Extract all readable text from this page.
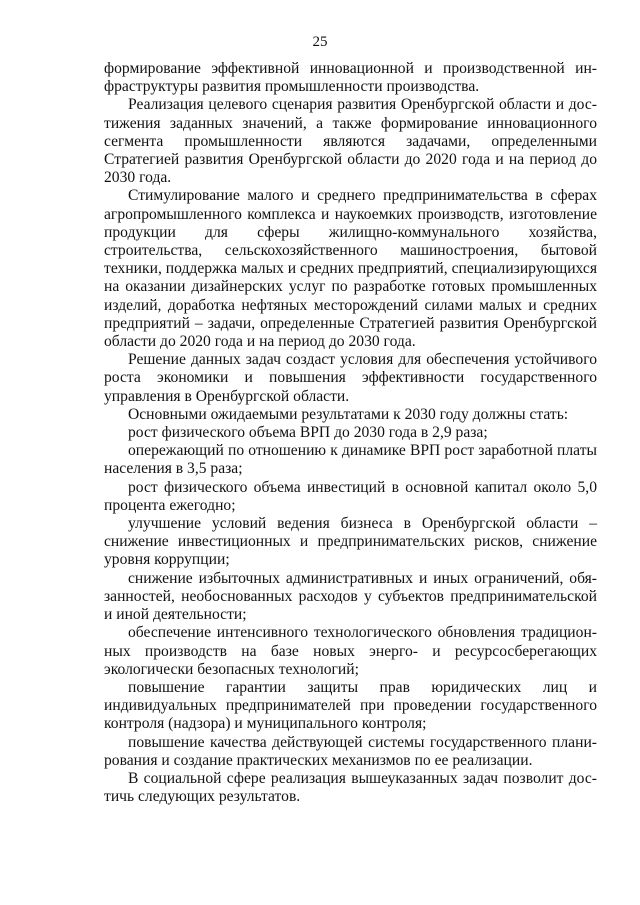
25

формирование эффективной инновационной и производственной инфраструктуры развития промышленности производства.

Реализация целевого сценария развития Оренбургской области и достижения заданных значений, а также формирование инновационного сегмента промышленности являются задачами, определенными Стратегией развития Оренбургской области до 2020 года и на период до 2030 года.

Стимулирование малого и среднего предпринимательства в сферах агропромышленного комплекса и наукоемких производств, изготовление продукции для сферы жилищно-коммунального хозяйства, строительства, сельскохозяйственного машиностроения, бытовой техники, поддержка малых и средних предприятий, специализирующихся на оказании дизайнерских услуг по разработке готовых промышленных изделий, доработка нефтяных месторождений силами малых и средних предприятий – задачи, определенные Стратегией развития Оренбургской области до 2020 года и на период до 2030 года.

Решение данных задач создаст условия для обеспечения устойчивого роста экономики и повышения эффективности государственного управления в Оренбургской области.

Основными ожидаемыми результатами к 2030 году должны стать:

рост физического объема ВРП до 2030 года в 2,9 раза;

опережающий по отношению к динамике ВРП рост заработной платы населения в 3,5 раза;

рост физического объема инвестиций в основной капитал около 5,0 процента ежегодно;

улучшение условий ведения бизнеса в Оренбургской области – снижение инвестиционных и предпринимательских рисков, снижение уровня коррупции;

снижение избыточных административных и иных ограничений, обязанностей, необоснованных расходов у субъектов предпринимательской и иной деятельности;

обеспечение интенсивного технологического обновления традиционных производств на базе новых энерго- и ресурсосберегающих экологически безопасных технологий;

повышение гарантии защиты прав юридических лиц и индивидуальных предпринимателей при проведении государственного контроля (надзора) и муниципального контроля;

повышение качества действующей системы государственного планирования и создание практических механизмов по ее реализации.

В социальной сфере реализация вышеуказанных задач позволит достичь следующих результатов.
